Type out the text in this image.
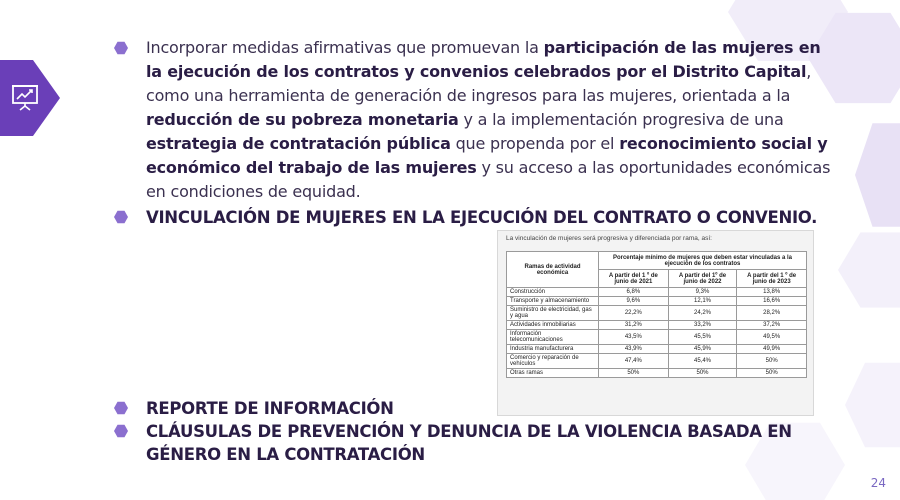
Incorporar medidas afirmativas que promuevan la participación de las mujeres en la ejecución de los contratos y convenios celebrados por el Distrito Capital, como una herramienta de generación de ingresos para las mujeres, orientada a la reducción de su pobreza monetaria y a la implementación progresiva de una estrategia de contratación pública que propenda por el reconocimiento social y económico del trabajo de las mujeres y su acceso a las oportunidades económicas en condiciones de equidad.

VINCULACIÓN DE MUJERES EN LA EJECUCIÓN DEL CONTRATO O CONVENIO.

REPORTE DE INFORMACIÓN

CLÁUSULAS DE PREVENCIÓN Y DENUNCIA DE LA VIOLENCIA BASADA EN GÉNERO EN LA CONTRATACIÓN

La vinculación de mujeres será progresiva y diferenciada por rama, así:
Ramas de actividad económica	Porcentaje mínimo de mujeres que deben estar vinculadas a la ejecución de los contratos		
	A partir del 1 º de junio de 2021	A partir del 1º de junio de 2022	A partir del 1 º de junio de 2023
Construcción	6,8%	9,3%	13,8%
Transporte y almacenamiento	9,6%	12,1%	16,6%
Suministro de electricidad, gas y agua	22,2%	24,2%	28,2%
Actividades inmobiliarias	31,2%	33,2%	37,2%
Información telecomunicaciones	43,5%	45,5%	49,5%
Industria manufacturera	43,9%	45,9%	49,9%
Comercio y reparación de vehículos	47,4%	45,4%	50%
Otras ramas	50%	50%	50%
24
